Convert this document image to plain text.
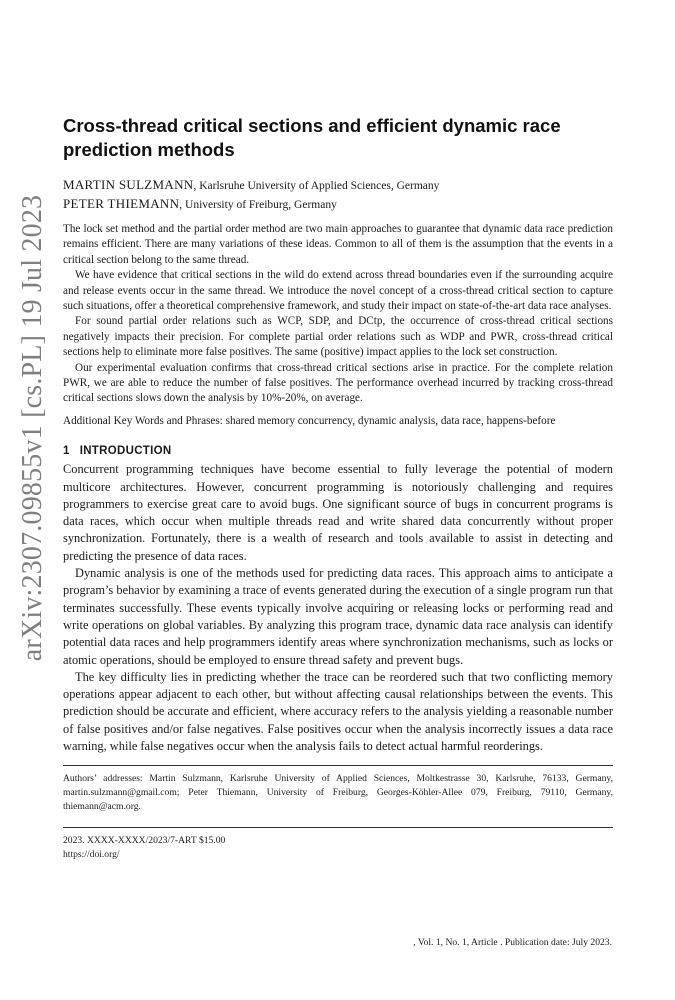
arXiv:2307.09855v1 [cs.PL] 19 Jul 2023
Cross-thread critical sections and efficient dynamic race prediction methods

MARTIN SULZMANN, Karlsruhe University of Applied Sciences, Germany

PETER THIEMANN, University of Freiburg, Germany

The lock set method and the partial order method are two main approaches to guarantee that dynamic data race prediction remains efficient. There are many variations of these ideas. Common to all of them is the assumption that the events in a critical section belong to the same thread.

We have evidence that critical sections in the wild do extend across thread boundaries even if the surrounding acquire and release events occur in the same thread. We introduce the novel concept of a cross-thread critical section to capture such situations, offer a theoretical comprehensive framework, and study their impact on state-of-the-art data race analyses.

For sound partial order relations such as WCP, SDP, and DCtp, the occurrence of cross-thread critical sections negatively impacts their precision. For complete partial order relations such as WDP and PWR, cross-thread critical sections help to eliminate more false positives. The same (positive) impact applies to the lock set construction.

Our experimental evaluation confirms that cross-thread critical sections arise in practice. For the complete relation PWR, we are able to reduce the number of false positives. The performance overhead incurred by tracking cross-thread critical sections slows down the analysis by 10%-20%, on average.

Additional Key Words and Phrases: shared memory concurrency, dynamic analysis, data race, happens-before

1 INTRODUCTION

Concurrent programming techniques have become essential to fully leverage the potential of modern multicore architectures. However, concurrent programming is notoriously challenging and requires programmers to exercise great care to avoid bugs. One significant source of bugs in concurrent programs is data races, which occur when multiple threads read and write shared data concurrently without proper synchronization. Fortunately, there is a wealth of research and tools available to assist in detecting and predicting the presence of data races.

Dynamic analysis is one of the methods used for predicting data races. This approach aims to anticipate a program’s behavior by examining a trace of events generated during the execution of a single program run that terminates successfully. These events typically involve acquiring or releasing locks or performing read and write operations on global variables. By analyzing this program trace, dynamic data race analysis can identify potential data races and help programmers identify areas where synchronization mechanisms, such as locks or atomic operations, should be employed to ensure thread safety and prevent bugs.

The key difficulty lies in predicting whether the trace can be reordered such that two conflicting memory operations appear adjacent to each other, but without affecting causal relationships between the events. This prediction should be accurate and efficient, where accuracy refers to the analysis yielding a reasonable number of false positives and/or false negatives. False positives occur when the analysis incorrectly issues a data race warning, while false negatives occur when the analysis fails to detect actual harmful reorderings.

Authors’ addresses: Martin Sulzmann, Karlsruhe University of Applied Sciences, Moltkestrasse 30, Karlsruhe, 76133, Germany, martin.sulzmann@gmail.com; Peter Thiemann, University of Freiburg, Georges-Köhler-Allee 079, Freiburg, 79110, Germany, thiemann@acm.org.

2023. XXXX-XXXX/2023/7-ART $15.00
https://doi.org/

, Vol. 1, No. 1, Article . Publication date: July 2023.
